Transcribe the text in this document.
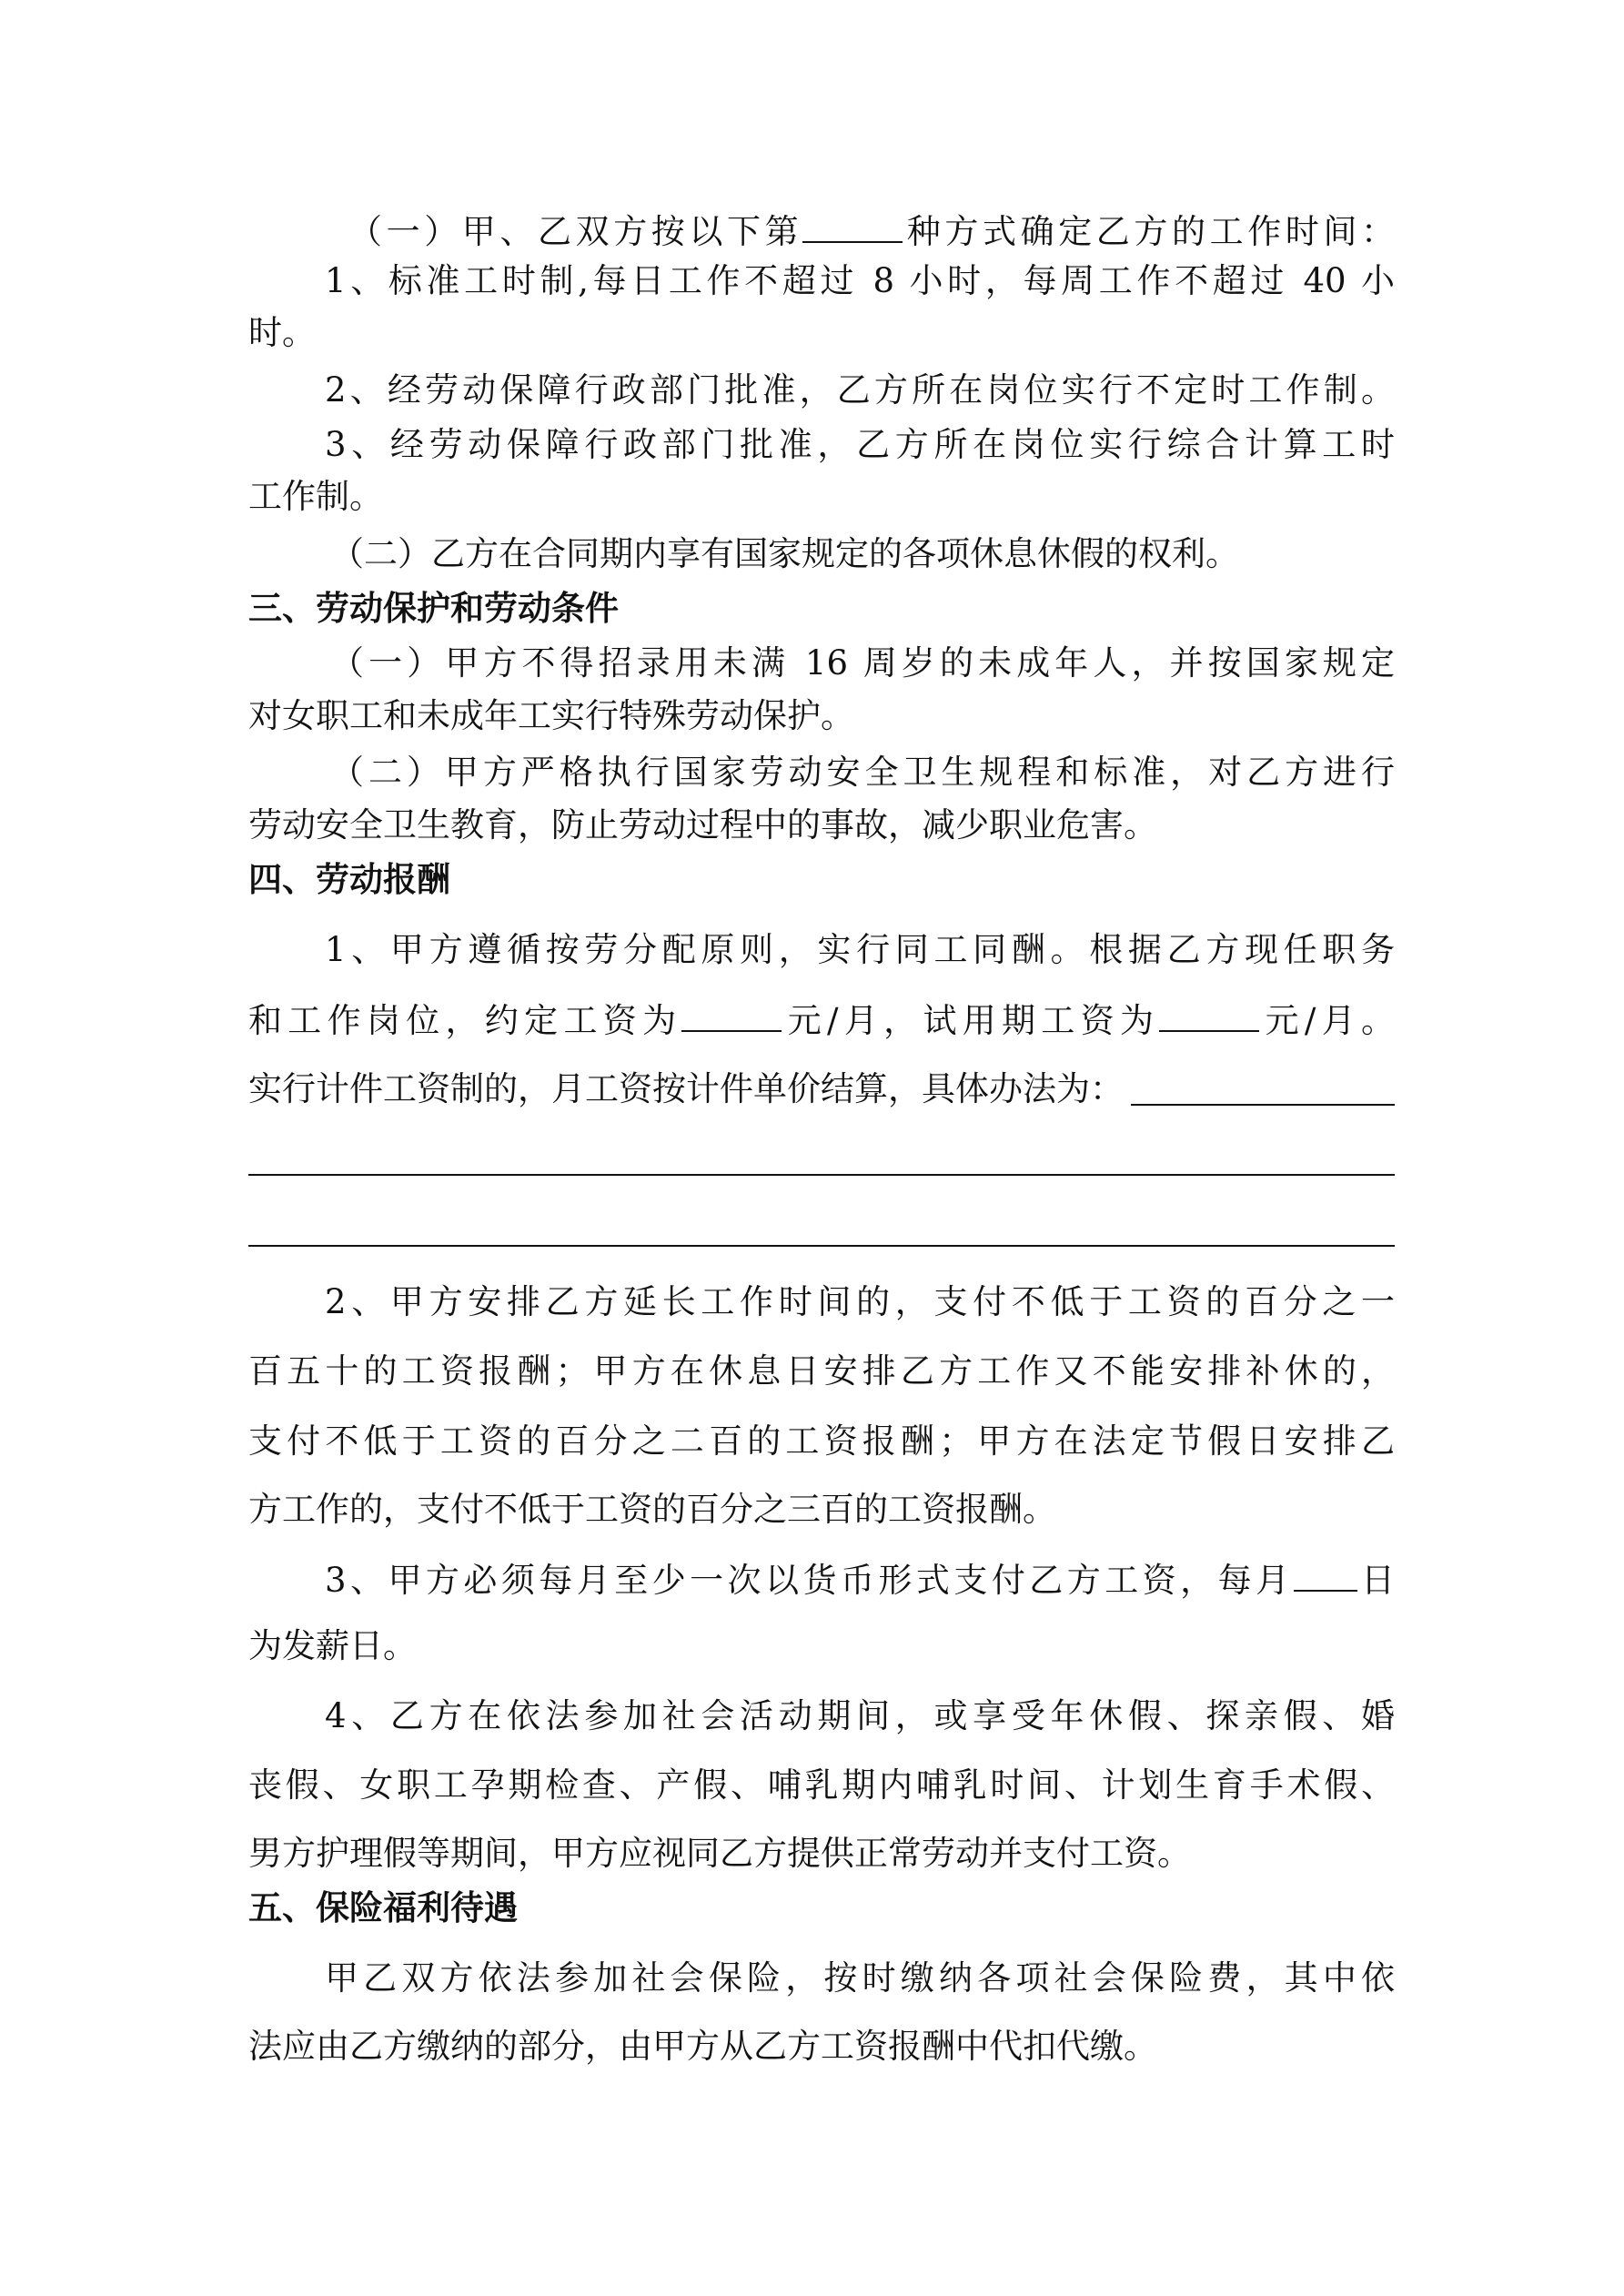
（一）甲、乙双方按以下第	种方式确定乙方的工作时间：
1、标准工时制,每日工作不超过 8 小时，每周工作不超过 40 小
时。
2、经劳动保障行政部门批准，乙方所在岗位实行不定时工作制。
3、经劳动保障行政部门批准，乙方所在岗位实行综合计算工时
工作制。
（二）乙方在合同期内享有国家规定的各项休息休假的权利。
三、劳动保护和劳动条件
（一）甲方不得招录用未满 16 周岁的未成年人，并按国家规定
对女职工和未成年工实行特殊劳动保护。
（二）甲方严格执行国家劳动安全卫生规程和标准，对乙方进行
劳动安全卫生教育，防止劳动过程中的事故，减少职业危害。
四、劳动报酬
1、甲方遵循按劳分配原则，实行同工同酬。根据乙方现任职务
和工作岗位，约定工资为	元/月，试用期工资为	元/月。
实行计件工资制的，月工资按计件单价结算，具体办法为：
2、甲方安排乙方延长工作时间的，支付不低于工资的百分之一
百五十的工资报酬；甲方在休息日安排乙方工作又不能安排补休的，
支付不低于工资的百分之二百的工资报酬；甲方在法定节假日安排乙
方工作的，支付不低于工资的百分之三百的工资报酬。
3、甲方必须每月至少一次以货币形式支付乙方工资，每月 日
为发薪日。
4、乙方在依法参加社会活动期间，或享受年休假、探亲假、婚
丧假、女职工孕期检查、产假、哺乳期内哺乳时间、计划生育手术假、
男方护理假等期间，甲方应视同乙方提供正常劳动并支付工资。
五、保险福利待遇
甲乙双方依法参加社会保险，按时缴纳各项社会保险费，其中依
法应由乙方缴纳的部分，由甲方从乙方工资报酬中代扣代缴。
